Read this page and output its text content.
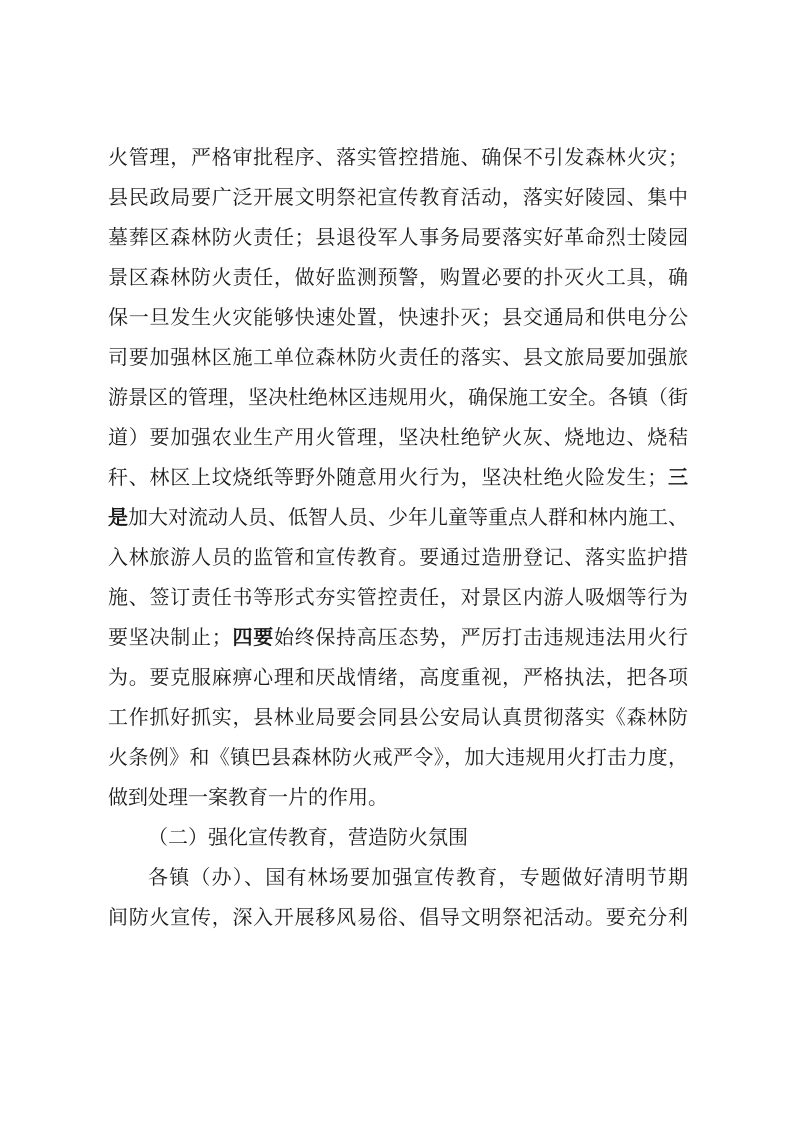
火管理，严格审批程序、落实管控措施、确保不引发森林火灾；
县民政局要广泛开展文明祭祀宣传教育活动，落实好陵园、集中
墓葬区森林防火责任；县退役军人事务局要落实好革命烈士陵园
景区森林防火责任，做好监测预警，购置必要的扑灭火工具，确
保一旦发生火灾能够快速处置，快速扑灭；县交通局和供电分公
司要加强林区施工单位森林防火责任的落实、县文旅局要加强旅
游景区的管理，坚决杜绝林区违规用火，确保施工安全。各镇（街
道）要加强农业生产用火管理，坚决杜绝铲火灰、烧地边、烧秸
秆、林区上坟烧纸等野外随意用火行为，坚决杜绝火险发生；三
是加大对流动人员、低智人员、少年儿童等重点人群和林内施工、
入林旅游人员的监管和宣传教育。要通过造册登记、落实监护措
施、签订责任书等形式夯实管控责任，对景区内游人吸烟等行为
要坚决制止；四要始终保持高压态势，严厉打击违规违法用火行
为。要克服麻痹心理和厌战情绪，高度重视，严格执法，把各项
工作抓好抓实，县林业局要会同县公安局认真贯彻落实《森林防
火条例》和《镇巴县森林防火戒严令》，加大违规用火打击力度，
做到处理一案教育一片的作用。
（二）强化宣传教育，营造防火氛围
各镇（办）、国有林场要加强宣传教育，专题做好清明节期
间防火宣传，深入开展移风易俗、倡导文明祭祀活动。要充分利
